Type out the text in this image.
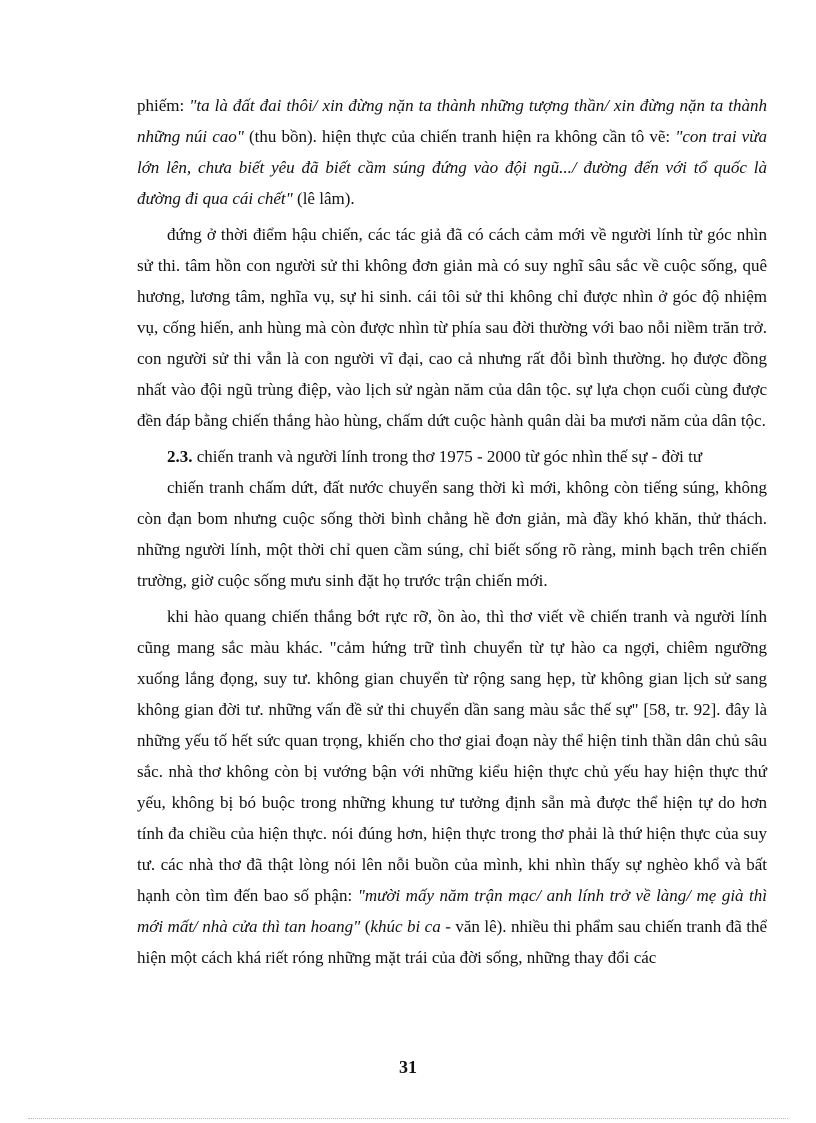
phiếm: "ta là đất đai thôi/ xin đừng nặn ta thành những tượng thần/ xin đừng nặn ta thành những núi cao" (thu bồn). hiện thực của chiến tranh hiện ra không cần tô vẽ: "con trai vừa lớn lên, chưa biết yêu đã biết cầm súng đứng vào đội ngũ.../ đường đến với tổ quốc là đường đi qua cái chết" (lê lâm).

đứng ở thời điểm hậu chiến, các tác giả đã có cách cảm mới về người lính từ góc nhìn sử thi. tâm hồn con người sử thi không đơn giản mà có suy nghĩ sâu sắc về cuộc sống, quê hương, lương tâm, nghĩa vụ, sự hi sinh. cái tôi sử thi không chỉ được nhìn ở góc độ nhiệm vụ, cống hiến, anh hùng mà còn được nhìn từ phía sau đời thường với bao nỗi niềm trăn trở. con người sử thi vẫn là con người vĩ đại, cao cả nhưng rất đỗi bình thường. họ được đồng nhất vào đội ngũ trùng điệp, vào lịch sử ngàn năm của dân tộc. sự lựa chọn cuối cùng được đền đáp bằng chiến thắng hào hùng, chấm dứt cuộc hành quân dài ba mươi năm của dân tộc.

2.3. chiến tranh và người lính trong thơ 1975 - 2000 từ góc nhìn thế sự - đời tư

chiến tranh chấm dứt, đất nước chuyển sang thời kì mới, không còn tiếng súng, không còn đạn bom nhưng cuộc sống thời bình chẳng hề đơn giản, mà đầy khó khăn, thử thách. những người lính, một thời chỉ quen cầm súng, chỉ biết sống rõ ràng, minh bạch trên chiến trường, giờ cuộc sống mưu sinh đặt họ trước trận chiến mới.

khi hào quang chiến thắng bớt rực rỡ, ồn ào, thì thơ viết về chiến tranh và người lính cũng mang sắc màu khác. "cảm hứng trữ tình chuyển từ tự hào ca ngợi, chiêm ngưỡng xuống lắng đọng, suy tư. không gian chuyển từ rộng sang hẹp, từ không gian lịch sử sang không gian đời tư. những vấn đề sử thi chuyển dần sang màu sắc thế sự" [58, tr. 92]. đây là những yếu tố hết sức quan trọng, khiến cho thơ giai đoạn này thể hiện tinh thần dân chủ sâu sắc. nhà thơ không còn bị vướng bận với những kiểu hiện thực chủ yếu hay hiện thực thứ yếu, không bị bó buộc trong những khung tư tưởng định sẵn mà được thể hiện tự do hơn tính đa chiều của hiện thực. nói đúng hơn, hiện thực trong thơ phải là thứ hiện thực của suy tư. các nhà thơ đã thật lòng nói lên nỗi buồn của mình, khi nhìn thấy sự nghèo khổ và bất hạnh còn tìm đến bao số phận: "mười mấy năm trận mạc/ anh lính trở về làng/ mẹ già thì mới mất/ nhà cửa thì tan hoang" (khúc bi ca - văn lê). nhiều thi phẩm sau chiến tranh đã thể hiện một cách khá riết róng những mặt trái của đời sống, những thay đổi các

31
